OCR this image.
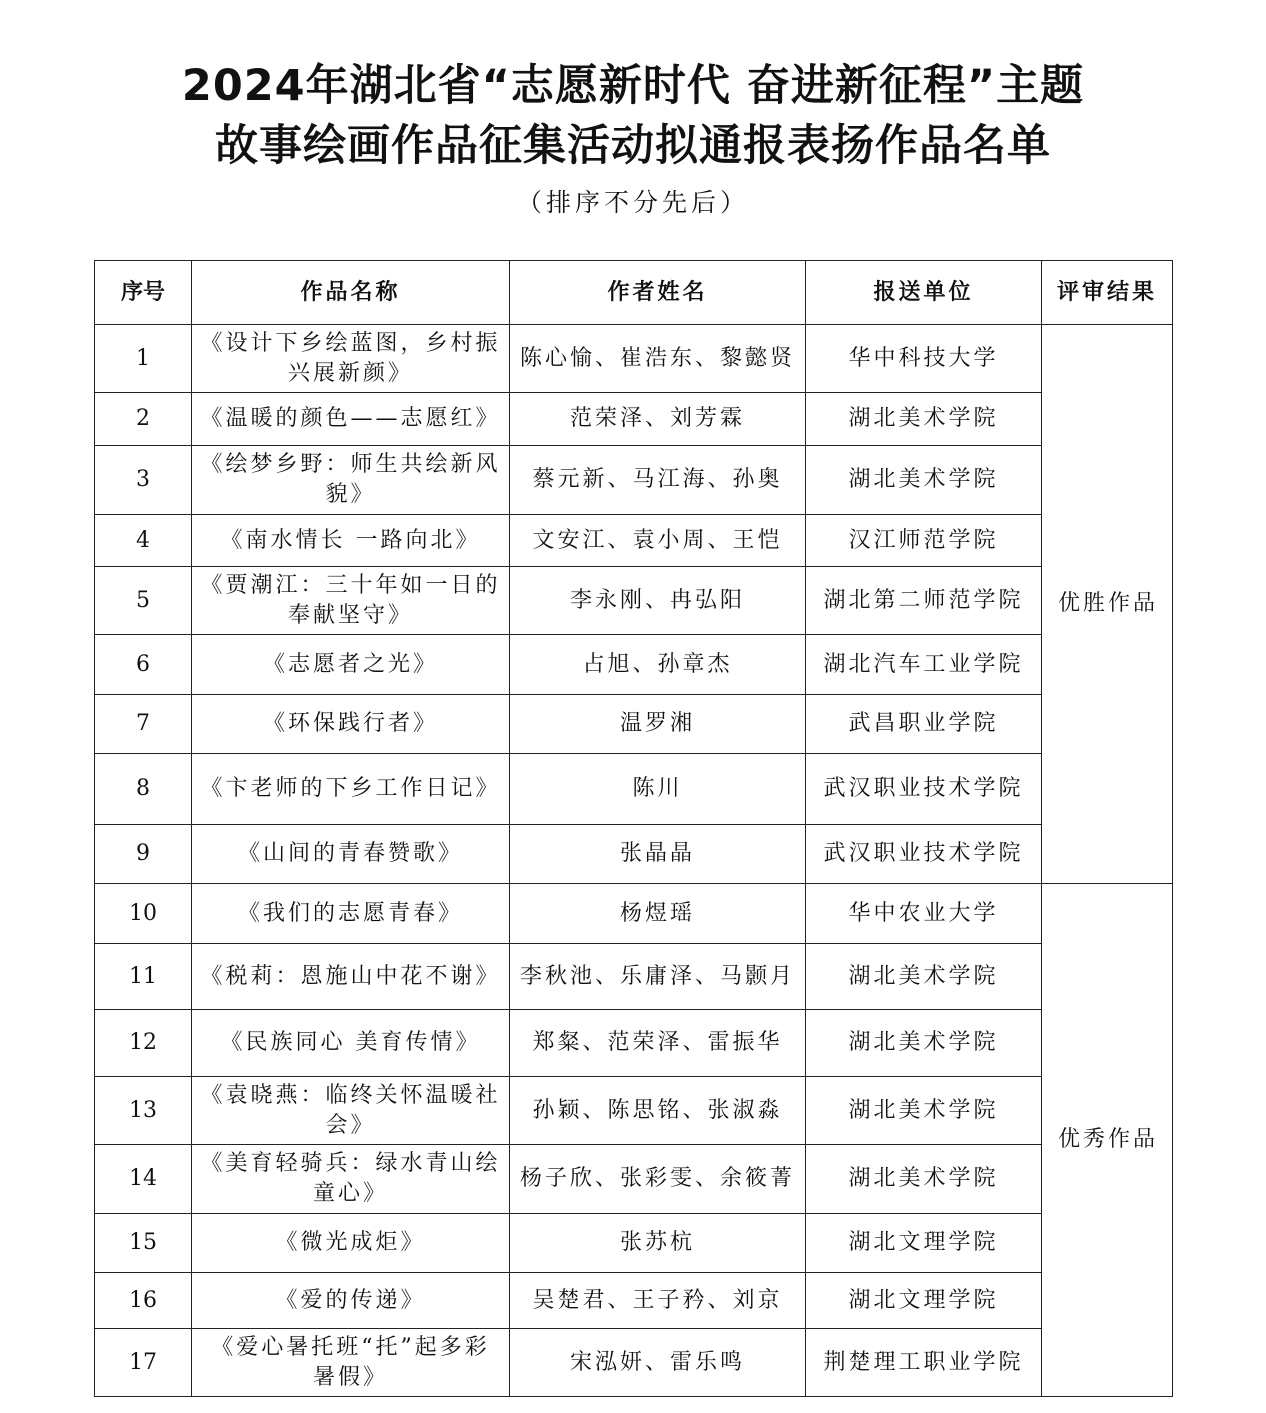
2024年湖北省“志愿新时代 奋进新征程”主题
故事绘画作品征集活动拟通报表扬作品名单
（排序不分先后）
序号	作品名称	作者姓名	报送单位	评审结果
1	《设计下乡绘蓝图，乡村振兴展新颜》	陈心愉、崔浩东、黎懿贤	华中科技大学	优胜作品
2	《温暖的颜色——志愿红》	范荣泽、刘芳霖	湖北美术学院	
3	《绘梦乡野：师生共绘新风貌》	蔡元新、马江海、孙奥	湖北美术学院	
4	《南水情长 一路向北》	文安江、袁小周、王恺	汉江师范学院	
5	《贾潮江：三十年如一日的奉献坚守》	李永刚、冉弘阳	湖北第二师范学院	
6	《志愿者之光》	占旭、孙章杰	湖北汽车工业学院	
7	《环保践行者》	温罗湘	武昌职业学院	
8	《卞老师的下乡工作日记》	陈川	武汉职业技术学院	
9	《山间的青春赞歌》	张晶晶	武汉职业技术学院	
10	《我们的志愿青春》	杨煜瑶	华中农业大学	优秀作品
11	《税莉：恩施山中花不谢》	李秋池、乐庸泽、马颢月	湖北美术学院	
12	《民族同心 美育传情》	郑粲、范荣泽、雷振华	湖北美术学院	
13	《袁晓燕：临终关怀温暖社会》	孙颖、陈思铭、张淑淼	湖北美术学院	
14	《美育轻骑兵：绿水青山绘童心》	杨子欣、张彩雯、余筱菁	湖北美术学院	
15	《微光成炬》	张苏杭	湖北文理学院	
16	《爱的传递》	吴楚君、王子矜、刘京	湖北文理学院	
17	《爱心暑托班“托”起多彩暑假》	宋泓妍、雷乐鸣	荆楚理工职业学院	
